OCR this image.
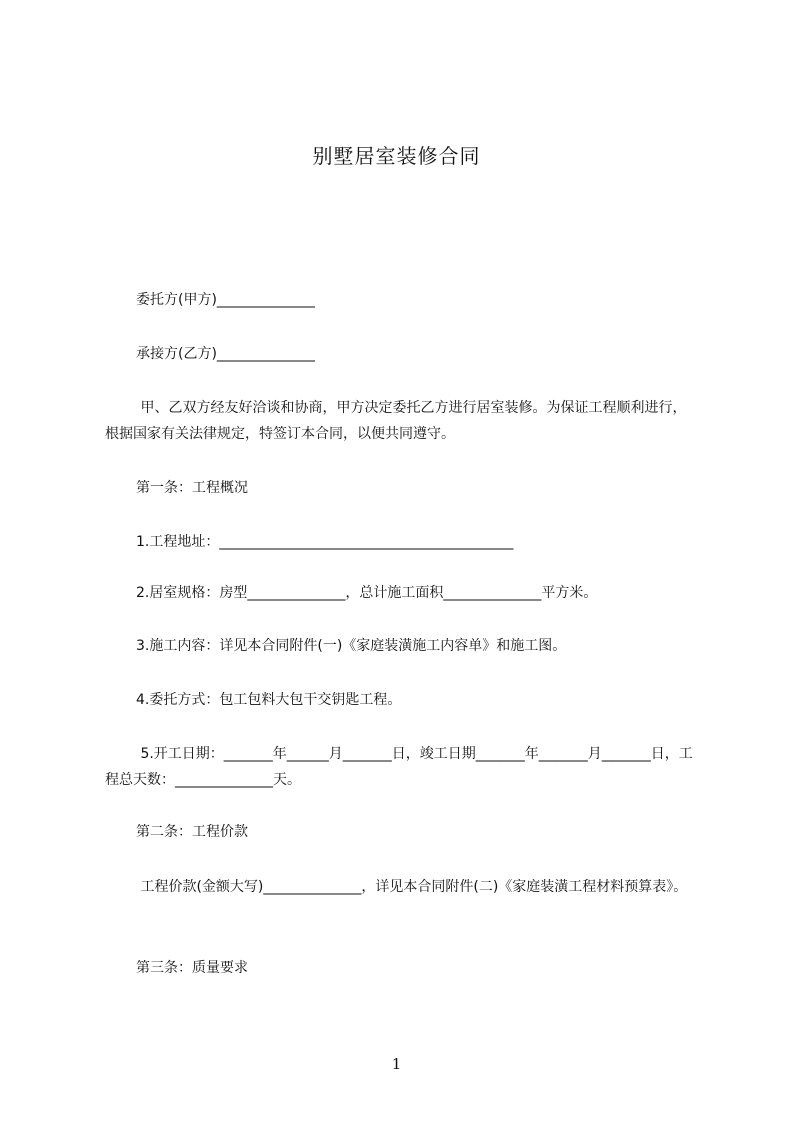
别墅居室装修合同
委托方(甲方)______________
承接方(乙方)______________
甲、乙双方经友好洽谈和协商，甲方决定委托乙方进行居室装修。为保证工程顺利进行，根据国家有关法律规定，特签订本合同，以便共同遵守。
第一条：工程概况
1.工程地址：__________________________________________
2.居室规格：房型______________，总计施工面积______________平方米。
3.施工内容：详见本合同附件(一)《家庭装潢施工内容单》和施工图。
4.委托方式：包工包料大包干交钥匙工程。
5.开工日期：_______年______月_______日，竣工日期_______年_______月_______日，工程总天数：______________天。
第二条：工程价款
工程价款(金额大写)______________，详见本合同附件(二)《家庭装潢工程材料预算表》。
第三条：质量要求
1
